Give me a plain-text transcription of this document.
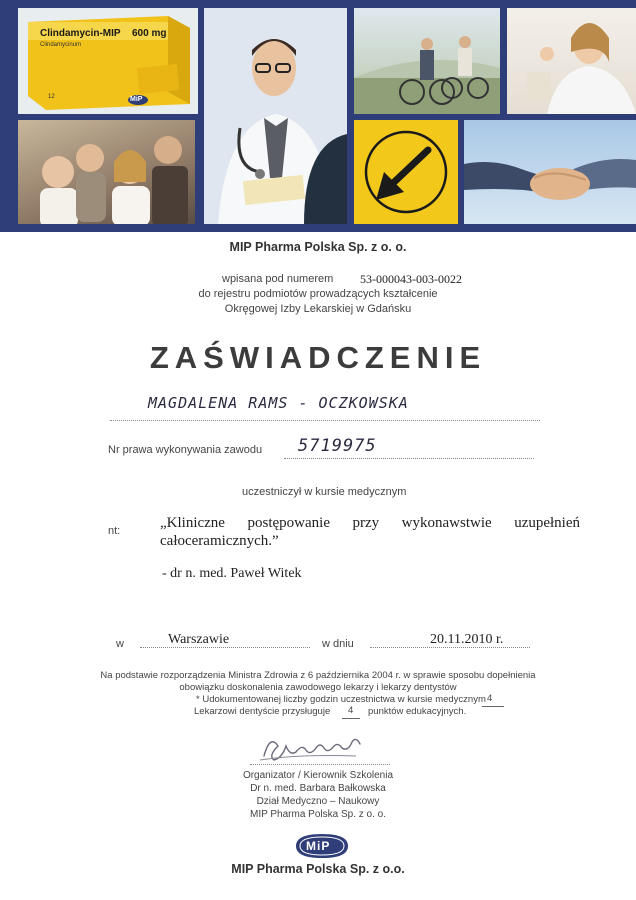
Clindamycin-MIP 600 mg
Clindamycinum
12	MiP

MIP Pharma Polska Sp. z o. o.

wpisana pod numerem 53-000043-003-0022

do rejestru podmiotów prowadzących kształcenie

Okręgowej Izby Lekarskiej w Gdańsku

ZAŚWIADCZENIE
MAGDALENA RAMS - OCZKOWSKA
Nr prawa wykonywania zawodu 5719975
uczestniczył w kursie medycznym
nt:	„Kliniczne postępowanie przy wykonawstwie uzupełnień całoceramicznych.”

- dr n. med. Paweł Witek
w	Warszawie	w dniu	20.11.2010 r.

Na podstawie rozporządzenia Ministra Zdrowia z 6 października 2004 r. w sprawie sposobu dopełnienia

obowiązku doskonalenia zawodowego lekarzy i lekarzy dentystów

* Udokumentowanej liczby godzin uczestnictwa w kursie medycznym 4
Lekarzowi dentyście przysługuje 4 punktów edukacyjnych.

Organizator / Kierownik Szkolenia

Dr n. med. Barbara Bałkowska

Dział Medyczno – Naukowy

MIP Pharma Polska Sp. z o. o.

MiP

MIP Pharma Polska Sp. z o.o.
